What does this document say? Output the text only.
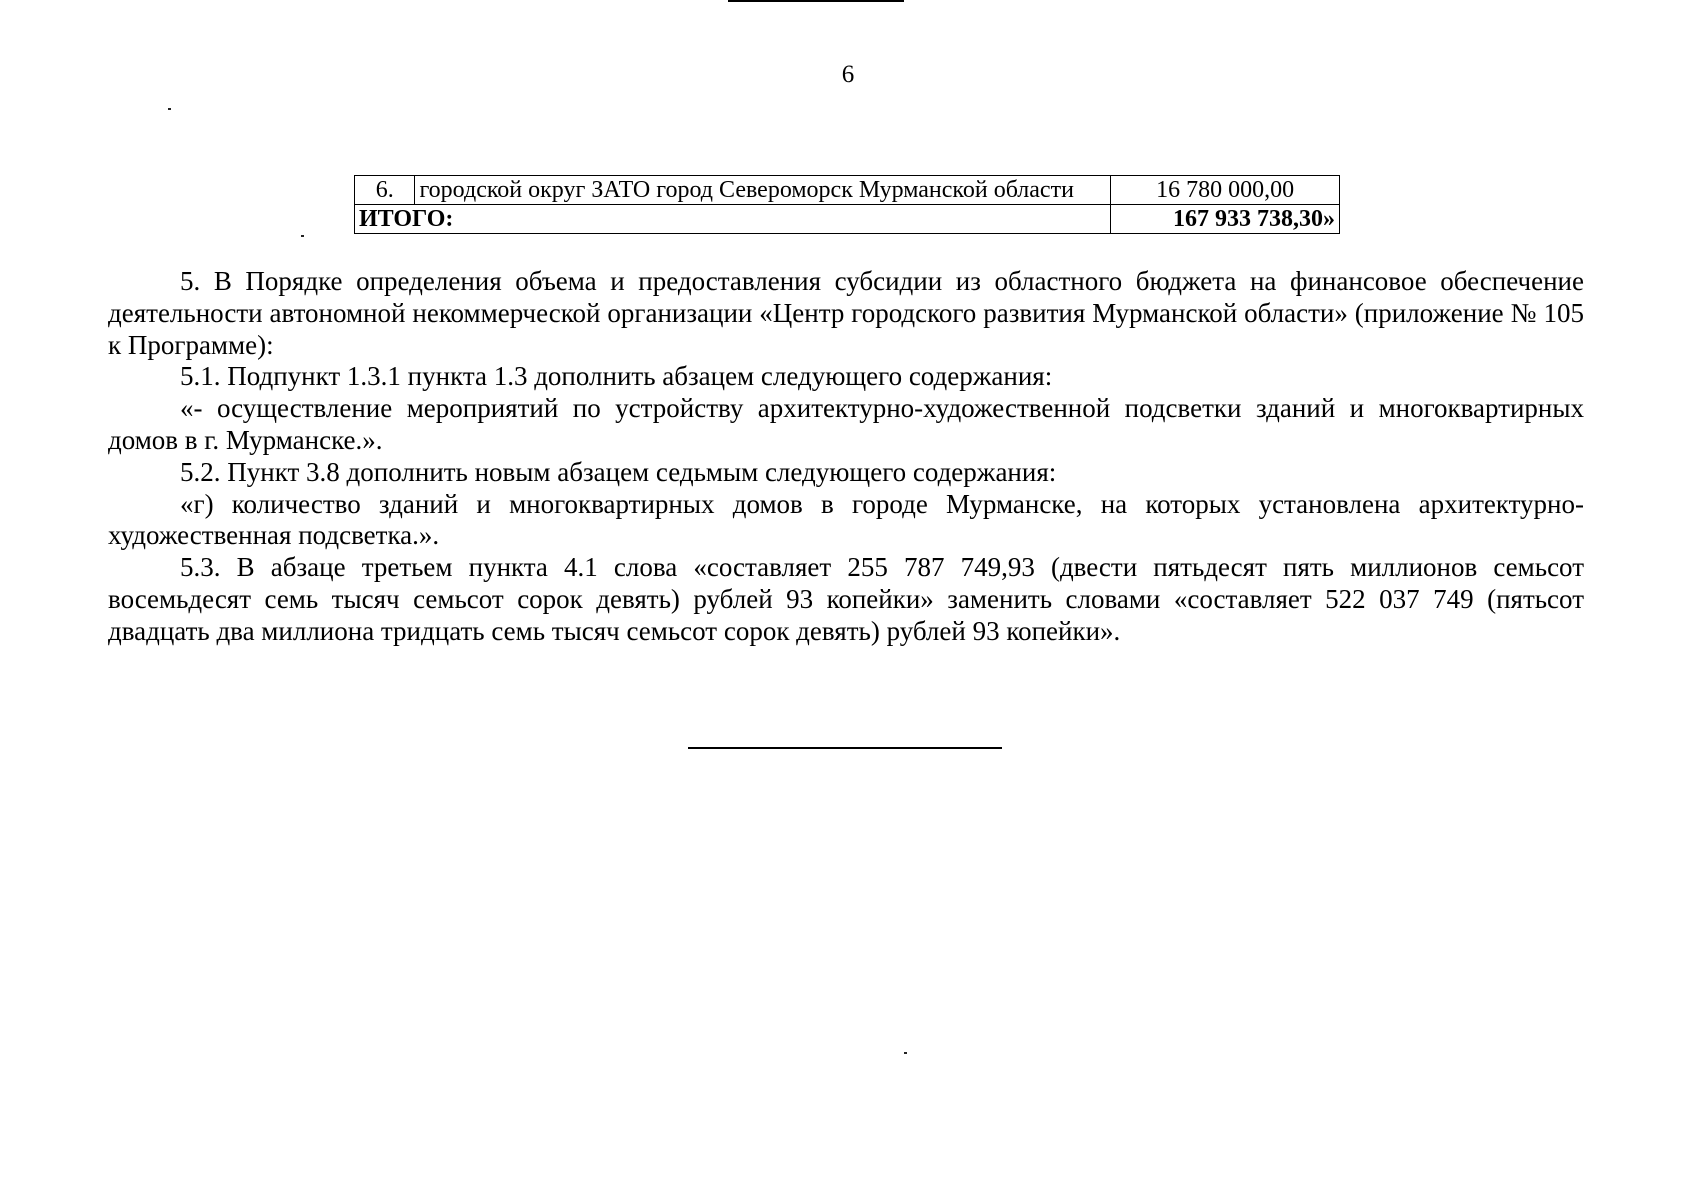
6
6.	городской округ ЗАТО город Североморск Мурманской области	16 780 000,00
ИТОГО:		167 933 738,30»

5. В Порядке определения объема и предоставления субсидии из областного бюджета на финансовое обеспечение деятельности автономной некоммерческой организации «Центр городского развития Мурманской области» (приложение № 105 к Программе):

5.1. Подпункт 1.3.1 пункта 1.3 дополнить абзацем следующего содержания:

«- осуществление мероприятий по устройству архитектурно-художественной подсветки зданий и многоквартирных домов в г. Мурманске.».

5.2. Пункт 3.8 дополнить новым абзацем седьмым следующего содержания:

«г) количество зданий и многоквартирных домов в городе Мурманске, на которых установлена архитектурно-художественная подсветка.».

5.3. В абзаце третьем пункта 4.1 слова «составляет 255 787 749,93 (двести пятьдесят пять миллионов семьсот восемьдесят семь тысяч семьсот сорок девять) рублей 93 копейки» заменить словами «составляет 522 037 749 (пятьсот двадцать два миллиона тридцать семь тысяч семьсот сорок девять) рублей 93 копейки».
